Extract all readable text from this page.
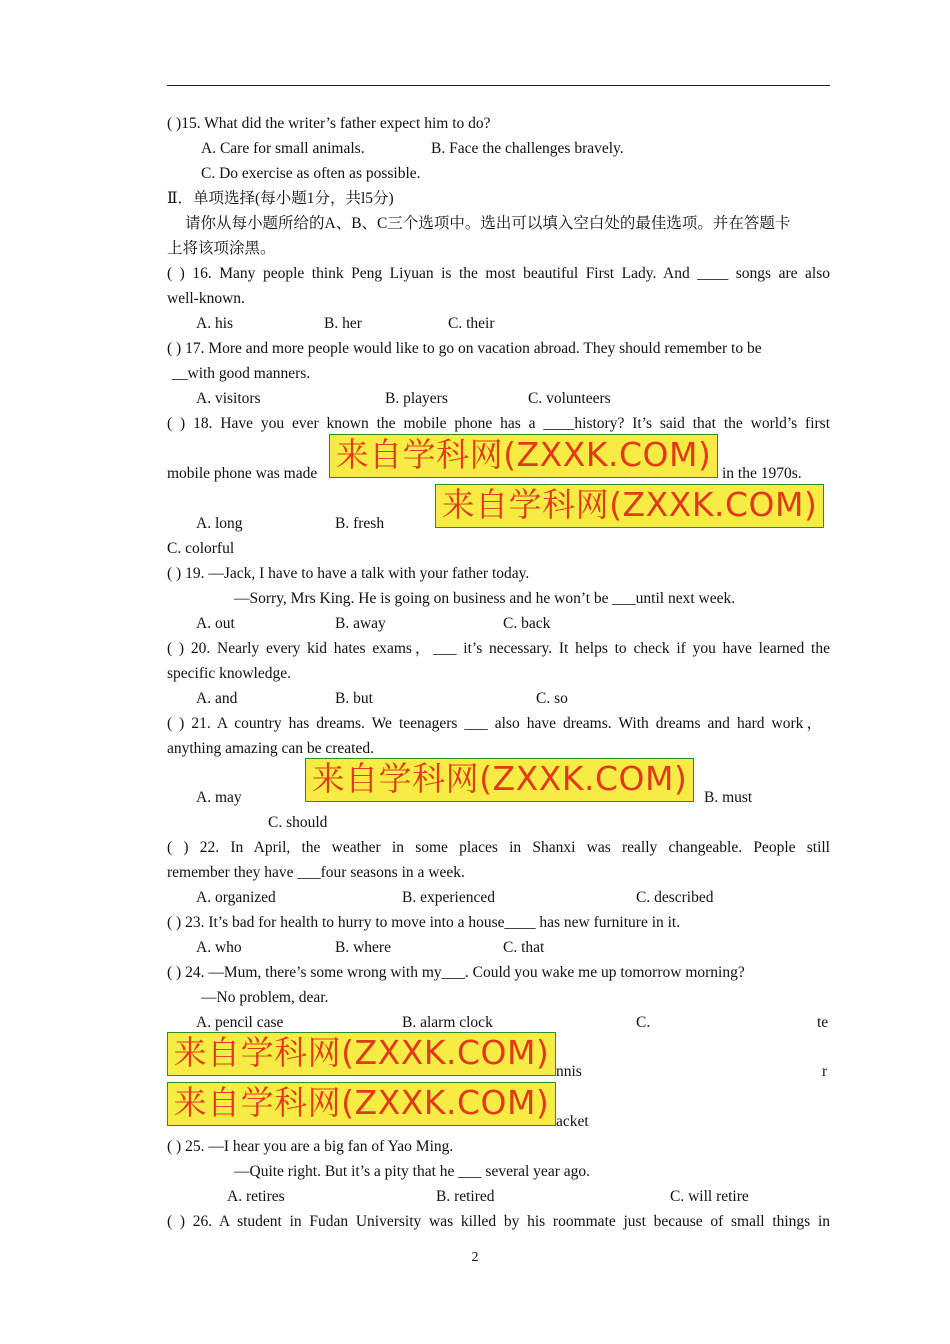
( )15. What did the writer’s father expect him to do?
A. Care for small animals.	B. Face the challenges bravely.
C. Do exercise as often as possible.
Ⅱ．单项选择(每小题1分，共l5分)
请你从每小题所给的A、B、C三个选项中。选出可以填入空白处的最佳选项。并在答题卡
上将该项涂黑。
( ) 16. Many people think Peng Liyuan is the most beautiful First Lady. And ____ songs are also
well-known.
A. his	B. her	C. their
( ) 17. More and more people would like to go on vacation abroad. They should remember to be
__with good manners.
A. visitors	B. players	C. volunteers
( ) 18. Have you ever known the mobile phone has a ____history? It’s said that the world’s first
mobile phone was made	in the 1970s.
A. long	B. fresh
C. colorful
( ) 19. —Jack, I have to have a talk with your father today.
—Sorry, Mrs King. He is going on business and he won’t be ___until next week.
A. out	B. away	C. back
( ) 20. Nearly every kid hates exams，___ it’s necessary. It helps to check if you have learned the
specific knowledge.
A. and	B. but	C. so
( ) 21. A country has dreams. We teenagers ___ also have dreams. With dreams and hard work，
anything amazing can be created.
A. may	B. must
C. should
( ) 22. In April, the weather in some places in Shanxi was really changeable. People still
remember they have ___four seasons in a week.
A. organized	B. experienced	C. described
( ) 23. It’s bad for health to hurry to move into a house____ has new furniture in it.
A. who	B. where	C. that
( ) 24. —Mum, there’s some wrong with my___. Could you wake me up tomorrow morning?
—No problem, dear.
A. pencil case	B. alarm clock	C.	te
nnis	r
acket
( ) 25. —I hear you are a big fan of Yao Ming.
—Quite right. But it’s a pity that he ___ several year ago.
A. retires	B. retired	C. will retire
( ) 26. A student in Fudan University was killed by his roommate just because of small things in
来自学科网(ZXXK.COM)
来自学科网(ZXXK.COM)
来自学科网(ZXXK.COM)
来自学科网(ZXXK.COM)
来自学科网(ZXXK.COM)
2
